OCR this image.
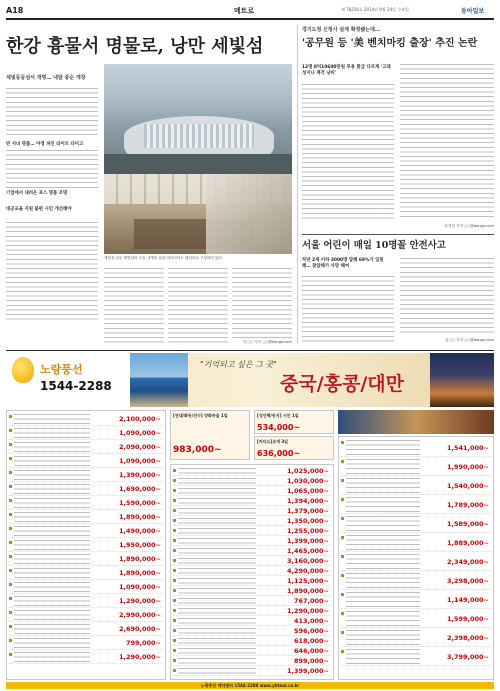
A18	메트로	제 78256호 2014년 9월 24일 수요일	동아일보
한강 흉물서 명물로, 낭만 세빛섬
세빛둥둥섬서 개명… 내달 중순 개장
반 지녀 명품… 야경 파인 라이트 다미고
기업에서 내려온 포스 명품 조명
대공교을 지원 불편 시민 개선해야
개장을 앞둔 세빛섬의 모습. 3개의 섬과 미디어아트 갤러리로 구성되어 있다.
이○○ 기자 ○○@donga.com
경기도청 신청사 설계 확정됐는데…
'공무원 등 '美 벤치마킹 출장' 추진 논란
12명 8억10600만원 투용 환급 다르게 '고래 성지나 계걱 냥비'
남경현 기자 ○○@donga.com
서울 어린이 매일 10명꼴 안전사고
작년 2세 이하 3000명 달해 69%가 입원해… 찾았해가 사망 해여
김○○ 기자 ○○@donga.com
노랑풍선
1544-2288
"기억되고 싶은 그 곳"
중국/홍콩/대만
2,100,000~
1,090,000~
2,090,000~
1,090,000~
1,390,000~
1,690,000~
1,590,000~
1,890,000~
1,490,000~
1,950,000~
1,890,000~
1,890,000~
1,090,000~
1,290,000~
2,990,000~
2,690,000~
799,000~
1,290,000~
[연대/화동/진수] 양화마을 1일
983,000~
[성인팩/동지] 시안 1일
534,000~
[카다오]조개 3일
636,000~
1,025,000~
1,030,000~
1,065,000~
1,394,000~
1,379,000~
1,350,000~
1,255,000~
1,399,000~
1,465,000~
3,160,000~
4,290,000~
1,125,000~
1,890,000~
767,000~
1,290,000~
413,000~
596,000~
618,000~
646,000~
899,000~
1,399,000~
1,541,000~
1,990,000~
1,540,000~
1,789,000~
1,589,000~
1,889,000~
2,349,000~
3,298,000~
1,149,000~
1,599,000~
2,398,000~
3,799,000~
노랑풍선 예약센터 1544-2288 www.ybtour.co.kr
